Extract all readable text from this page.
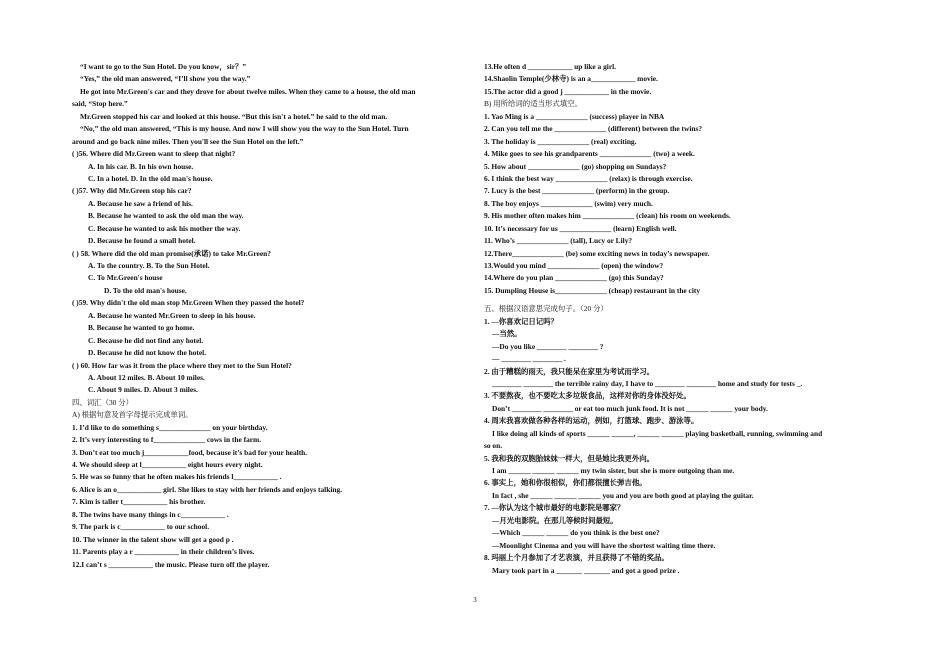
“I want to go to the Sun Hotel. Do you know，sir？”
“Yes,” the old man answered, “I’ll show you the way.”
He got into Mr.Green's car and they drove for about twelve miles. When they came to a house, the old man
said, “Stop here.”
Mr.Green stopped his car and looked at this house. “But this isn't a hotel.” he said to the old man.
“No,” the old man answered, “This is my house. And now I will show you the way to the Sun Hotel. Turn
around and go back nine miles. Then you'll see the Sun Hotel on the left.”
( )56. Where did Mr.Green want to sleep that night?
A. In his car. B. In his own house.
C. In a hotel. D. In the old man's house.
( )57. Why did Mr.Green stop his car?
A. Because he saw a friend of his.
B. Because he wanted to ask the old man the way.
C. Because he wanted to ask his mother the way.
D. Because he found a small hotel.
( ) 58. Where did the old man promise(承诺) to take Mr.Green?
A. To the country. B. To the Sun Hotel.
C. To Mr.Green's house
D. To the old man's house.
( )59. Why didn't the old man stop Mr.Green When they passed the hotel?
A. Because he wanted Mr.Green to sleep in his house.
B. Because he wanted to go home.
C. Because he did not find any hotel.
D. Because he did not know the hotel.
( ) 60. How far was it from the place where they met to the Sun Hotel?
A. About 12 miles. B. About 10 miles.
C. About 9 miles. D. About 3 miles.
四、词汇（30 分）
A) 根据句意及首字母提示完成单词。
1. I’d like to do something s______________ on your birthday.
2. It’s very interesting to f______________ cows in the farm.
3. Don’t eat too much j____________food, because it’s bad for your health.
4. We should sleep at l____________ eight hours every night.
5. He was so funny that he often makes his friends l____________ .
6. Alice is an o____________ girl. She likes to stay with her friends and enjoys talking.
7. Kim is taller t____________ his brother.
8. The twins have many things in c____________ .
9. The park is c____________ to our school.
10. The winner in the talent show will get a good p .
11. Parents play a r ____________ in their children’s lives.
12.I can’t s ____________ the music. Please turn off the player.
13.He often d ____________ up like a girl.
14.Shaolin Temple(少林寺) is an a____________ movie.
15.The actor did a good j ____________ in the movie.
B) 用所给词的适当形式填空。
1. Yao Ming is a ______________ (success) player in NBA
2. Can you tell me the ______________ (different) between the twins?
3. The holiday is ______________ (real) exciting.
4. Mike goes to see his grandparents ______________ (two) a week.
5. How about ______________ (go) shopping on Sundays?
6. I think the best way ______________ (relax) is through exercise.
7. Lucy is the best ______________ (perform) in the group.
8. The boy enjoys ______________ (swim) very much.
9. His mother often makes him ______________ (clean) his room on weekends.
10. It’s necessary for us ______________ (learn) English well.
11. Who’s ______________ (tall), Lucy or Lily?
12.There______________ (be) some exciting news in today’s newspaper.
13.Would you mind ______________ (open) the window?
14.Where do you plan ______________ (go) this Sunday?
15. Dumpling House is______________ (cheap) restaurant in the city
五、根据汉语意思完成句子。（20 分）
1. —你喜欢记日记吗？
—当然。
—Do you like ________ ________ ?
— ________ ________ .
2. 由于糟糕的雨天，我只能呆在家里为考试而学习。
________ ________ the terrible rainy day, I have to ________ ________ home and study for tests _.
3. 不要熬夜，也不要吃太多垃圾食品，这样对你的身体没好处。
Don’t ________ ________ or eat too much junk food. It is not ______ ______ your body.
4. 周末我喜欢做各种各样的运动，例如，打篮球、跑步、游泳等。
I like doing all kinds of sports ______ ______, ______ ______ playing basketball, running, swimming and
so on.
5. 我和我的双胞胎妹妹一样大，但是她比我更外向。
I am ______ ______ ______ my twin sister, but she is more outgoing than me.
6. 事实上，她和你很相似，你们都很擅长弹吉他。
In fact , she ______ ______ ______ you and you are both good at playing the guitar.
7. —你认为这个城市最好的电影院是哪家？
—月光电影院。在那儿等候时间最短。
—Which ______ ______ do you think is the best one?
—Moonlight Cinema and you will have the shortest waiting time there.
8. 玛丽上个月参加了才艺表演，并且获得了不错的奖品。
Mary took part in a _______ _______ and got a good prize .
3
